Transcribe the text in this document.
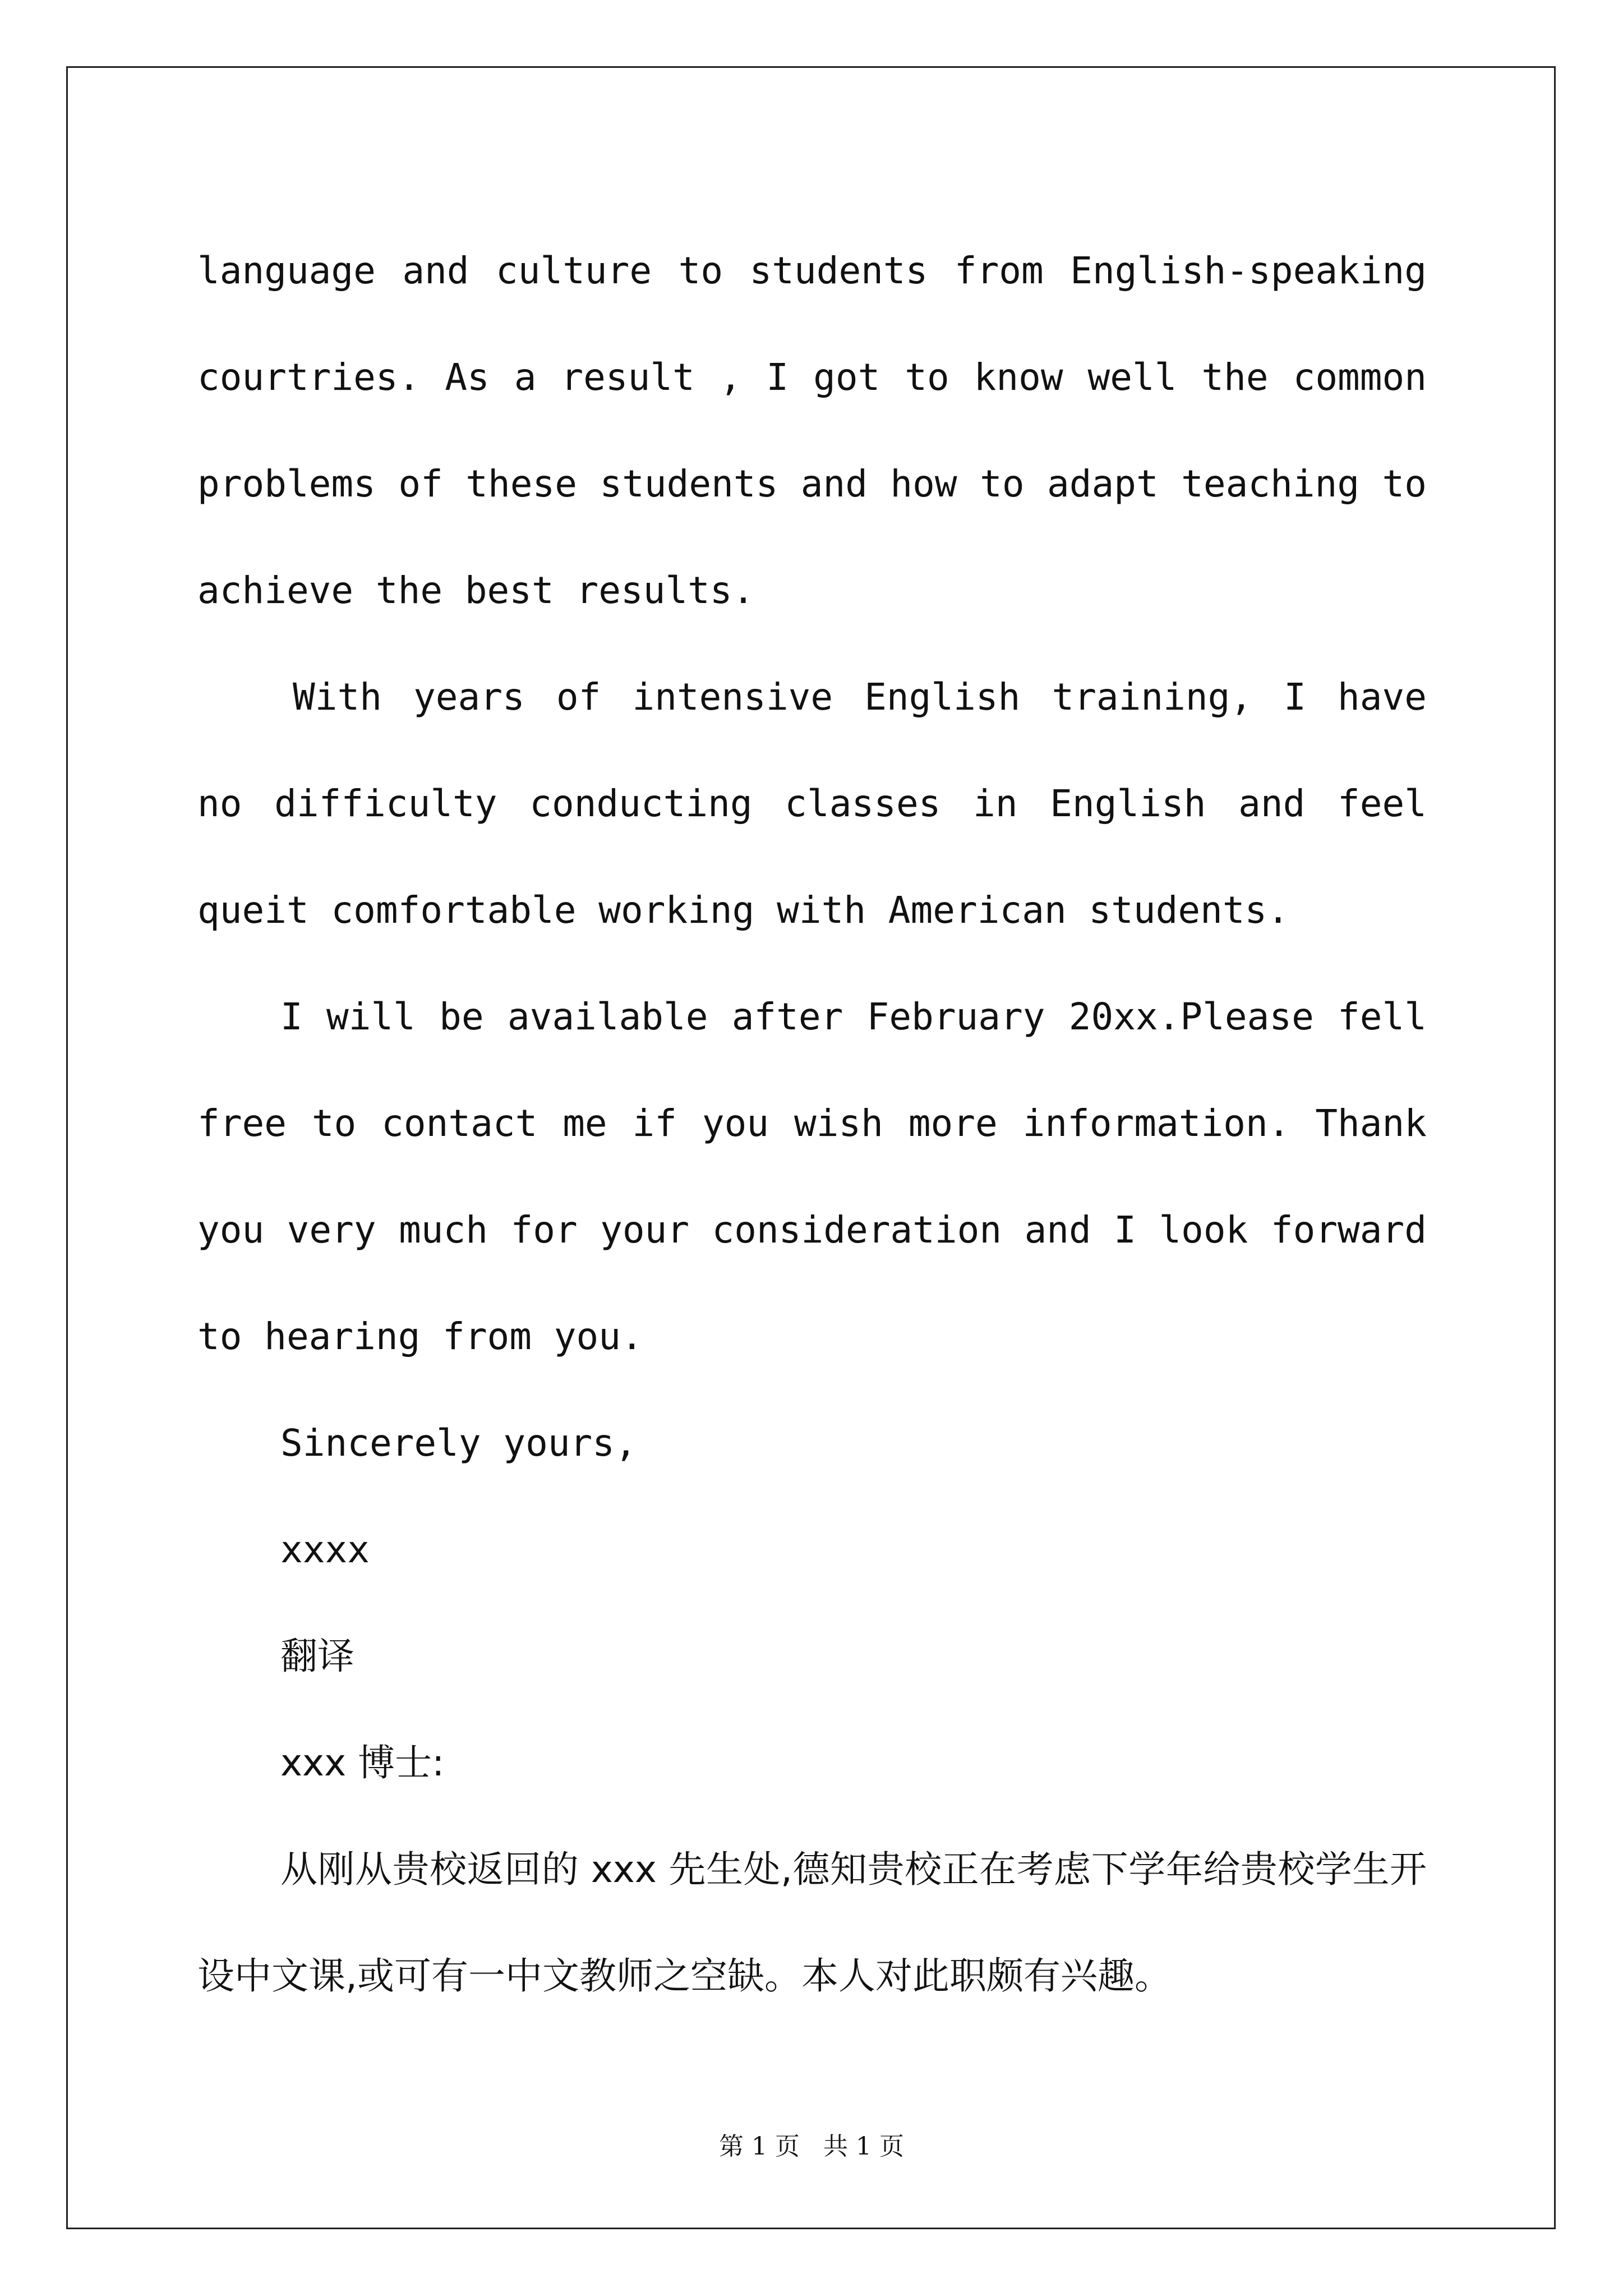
language and culture to students from English-speaking courtries. As a result , I got to know well the common problems of these students and how to adapt teaching to achieve the best results.

With years of intensive English training, I have no difficulty conducting classes in English and feel queit comfortable working with American students.

I will be available after February 20xx.Please fell free to contact me if you wish more information. Thank you very much for your consideration and I look forward to hearing from you.

Sincerely yours,

xxxx

翻译

xxx 博士:

从刚从贵校返回的 xxx 先生处,德知贵校正在考虑下学年给贵校学生开设中文课,或可有一中文教师之空缺。本人对此职颇有兴趣。

第 1 页   共 1 页
